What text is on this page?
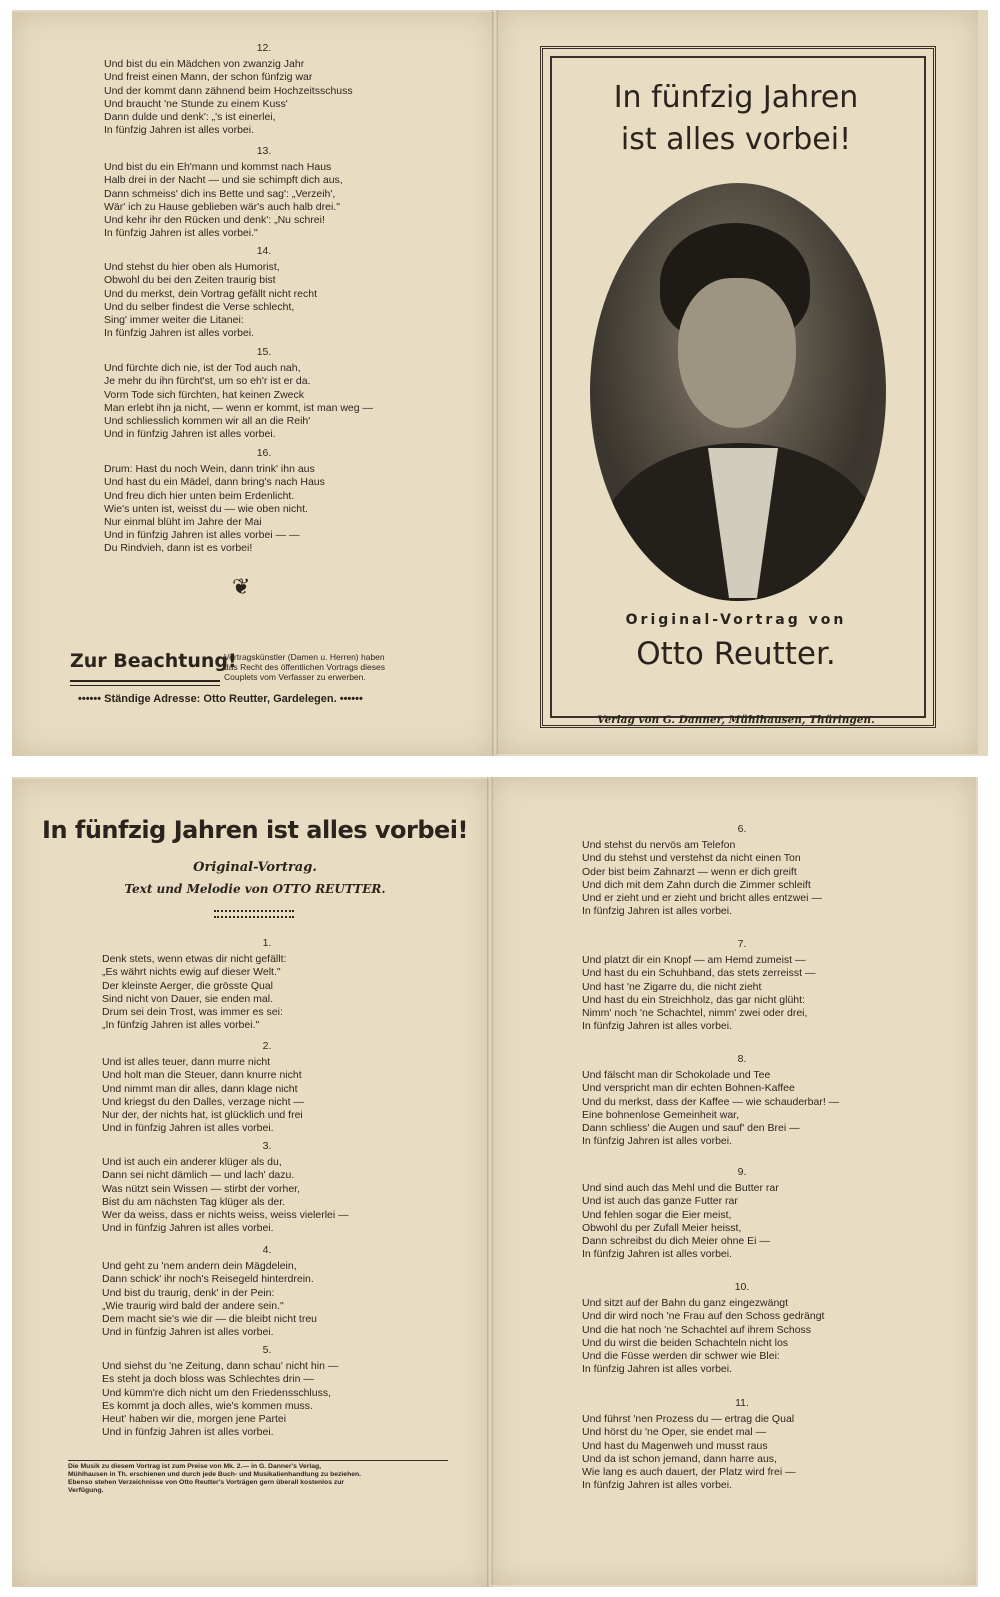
12.
Und bist du ein Mädchen von zwanzig Jahr
Und freist einen Mann, der schon fünfzig war
Und der kommt dann zähnend beim Hochzeitsschuss
Und braucht 'ne Stunde zu einem Kuss'
Dann dulde und denk': „'s ist einerlei,
In fünfzig Jahren ist alles vorbei.
13.
Und bist du ein Eh'mann und kommst nach Haus
Halb drei in der Nacht — und sie schimpft dich aus,
Dann schmeiss' dich ins Bette und sag': „Verzeih',
Wär' ich zu Hause geblieben wär's auch halb drei."
Und kehr ihr den Rücken und denk': „Nu schrei!
In fünfzig Jahren ist alles vorbei."
14.
Und stehst du hier oben als Humorist,
Obwohl du bei den Zeiten traurig bist
Und du merkst, dein Vortrag gefällt nicht recht
Und du selber findest die Verse schlecht,
Sing' immer weiter die Litanei:
In fünfzig Jahren ist alles vorbei.
15.
Und fürchte dich nie, ist der Tod auch nah,
Je mehr du ihn fürcht'st, um so eh'r ist er da.
Vorm Tode sich fürchten, hat keinen Zweck
Man erlebt ihn ja nicht, — wenn er kommt, ist man weg —
Und schliesslich kommen wir all an die Reih'
Und in fünfzig Jahren ist alles vorbei.
16.
Drum: Hast du noch Wein, dann trink' ihn aus
Und hast du ein Mädel, dann bring's nach Haus
Und freu dich hier unten beim Erdenlicht.
Wie's unten ist, weisst du — wie oben nicht.
Nur einmal blüht im Jahre der Mai
Und in fünfzig Jahren ist alles vorbei — —
Du Rindvieh, dann ist es vorbei!
❦
Zur Beachtung!
Vortragskünstler (Damen u. Herren) haben
das Recht des öffentlichen Vortrags dieses
Couplets vom Verfasser zu erwerben.
•••••• Ständige Adresse: Otto Reutter, Gardelegen. ••••••
In fünfzig Jahren
ist alles vorbei!
Original-Vortrag von
Otto Reutter.
Verlag von G. Danner, Mühlhausen, Thüringen.
In fünfzig Jahren ist alles vorbei!
Original-Vortrag.
Text und Melodie von OTTO REUTTER.
1.
Denk stets, wenn etwas dir nicht gefällt:
„Es währt nichts ewig auf dieser Welt."
Der kleinste Aerger, die grösste Qual
Sind nicht von Dauer, sie enden mal.
Drum sei dein Trost, was immer es sei:
„In fünfzig Jahren ist alles vorbei."
2.
Und ist alles teuer, dann murre nicht
Und holt man die Steuer, dann knurre nicht
Und nimmt man dir alles, dann klage nicht
Und kriegst du den Dalles, verzage nicht —
Nur der, der nichts hat, ist glücklich und frei
Und in fünfzig Jahren ist alles vorbei.
3.
Und ist auch ein anderer klüger als du,
Dann sei nicht dämlich — und lach' dazu.
Was nützt sein Wissen — stirbt der vorher,
Bist du am nächsten Tag klüger als der.
Wer da weiss, dass er nichts weiss, weiss vielerlei —
Und in fünfzig Jahren ist alles vorbei.
4.
Und geht zu 'nem andern dein Mägdelein,
Dann schick' ihr noch's Reisegeld hinterdrein.
Und bist du traurig, denk' in der Pein:
„Wie traurig wird bald der andere sein."
Dem macht sie's wie dir — die bleibt nicht treu
Und in fünfzig Jahren ist alles vorbei.
5.
Und siehst du 'ne Zeitung, dann schau' nicht hin —
Es steht ja doch bloss was Schlechtes drin —
Und kümm're dich nicht um den Friedensschluss,
Es kommt ja doch alles, wie's kommen muss.
Heut' haben wir die, morgen jene Partei
Und in fünfzig Jahren ist alles vorbei.
Die Musik zu diesem Vortrag ist zum Preise von Mk. 2.— in G. Danner's Verlag,
Mühlhausen in Th. erschienen und durch jede Buch- und Musikalienhandlung zu beziehen.
Ebenso stehen Verzeichnisse von Otto Reutter's Vorträgen gern überall kostenlos zur
Verfügung.
6.
Und stehst du nervös am Telefon
Und du stehst und verstehst da nicht einen Ton
Oder bist beim Zahnarzt — wenn er dich greift
Und dich mit dem Zahn durch die Zimmer schleift
Und er zieht und er zieht und bricht alles entzwei —
In fünfzig Jahren ist alles vorbei.
7.
Und platzt dir ein Knopf — am Hemd zumeist —
Und hast du ein Schuhband, das stets zerreisst —
Und hast 'ne Zigarre du, die nicht zieht
Und hast du ein Streichholz, das gar nicht glüht:
Nimm' noch 'ne Schachtel, nimm' zwei oder drei,
In fünfzig Jahren ist alles vorbei.
8.
Und fälscht man dir Schokolade und Tee
Und verspricht man dir echten Bohnen-Kaffee
Und du merkst, dass der Kaffee — wie schauderbar! —
Eine bohnenlose Gemeinheit war,
Dann schliess' die Augen und sauf' den Brei —
In fünfzig Jahren ist alles vorbei.
9.
Und sind auch das Mehl und die Butter rar
Und ist auch das ganze Futter rar
Und fehlen sogar die Eier meist,
Obwohl du per Zufall Meier heisst,
Dann schreibst du dich Meier ohne Ei —
In fünfzig Jahren ist alles vorbei.
10.
Und sitzt auf der Bahn du ganz eingezwängt
Und dir wird noch 'ne Frau auf den Schoss gedrängt
Und die hat noch 'ne Schachtel auf ihrem Schoss
Und du wirst die beiden Schachteln nicht los
Und die Füsse werden dir schwer wie Blei:
In fünfzig Jahren ist alles vorbei.
11.
Und führst 'nen Prozess du — ertrag die Qual
Und hörst du 'ne Oper, sie endet mal —
Und hast du Magenweh und musst raus
Und da ist schon jemand, dann harre aus,
Wie lang es auch dauert, der Platz wird frei —
In fünfzig Jahren ist alles vorbei.
